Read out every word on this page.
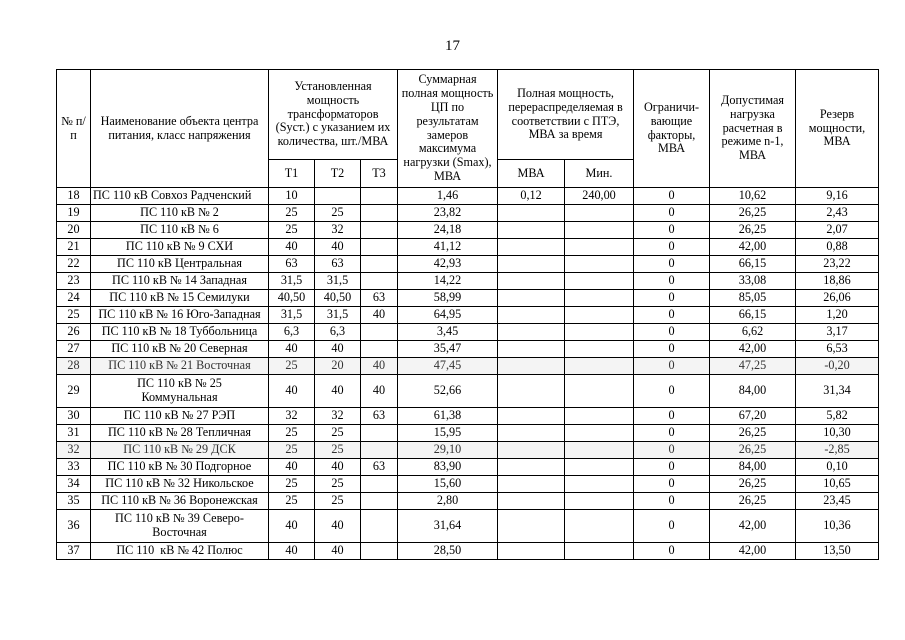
17
№ п/п	Наименование объекта центра питания, класс напряжения	Установленная мощность трансформаторов (Sуст.) с указанием их количества, шт./МВА			Суммарная полная мощность ЦП по результатам замеров максимума нагрузки (Smax), МВА	Полная мощность, перераспределяемая в соответствии с ПТЭ, МВА за время		Ограничи-вающие факторы, МВА	Допустимая нагрузка расчетная в режиме n-1, МВА	Резерв мощности, МВА
		Т1	Т2	Т3		МВА	Мин.			
18	ПС 110 кВ Совхоз Радченский	10			1,46	0,12	240,00	0	10,62	9,16
19	ПС 110 кВ № 2	25	25		23,82			0	26,25	2,43
20	ПС 110 кВ № 6	25	32		24,18			0	26,25	2,07
21	ПС 110 кВ № 9 СХИ	40	40		41,12			0	42,00	0,88
22	ПС 110 кВ Центральная	63	63		42,93			0	66,15	23,22
23	ПС 110 кВ № 14 Западная	31,5	31,5		14,22			0	33,08	18,86
24	ПС 110 кВ № 15 Семилуки	40,50	40,50	63	58,99			0	85,05	26,06
25	ПС 110 кВ № 16 Юго-Западная	31,5	31,5	40	64,95			0	66,15	1,20
26	ПС 110 кВ № 18 Туббольница	6,3	6,3		3,45			0	6,62	3,17
27	ПС 110 кВ № 20 Северная	40	40		35,47			0	42,00	6,53
28	ПС 110 кВ № 21 Восточная	25	20	40	47,45			0	47,25	-0,20
29	ПС 110 кВ № 25 Коммунальная	40	40	40	52,66			0	84,00	31,34
30	ПС 110 кВ № 27 РЭП	32	32	63	61,38			0	67,20	5,82
31	ПС 110 кВ № 28 Тепличная	25	25		15,95			0	26,25	10,30
32	ПС 110 кВ № 29 ДСК	25	25		29,10			0	26,25	-2,85
33	ПС 110 кВ № 30 Подгорное	40	40	63	83,90			0	84,00	0,10
34	ПС 110 кВ № 32 Никольское	25	25		15,60			0	26,25	10,65
35	ПС 110 кВ № 36 Воронежская	25	25		2,80			0	26,25	23,45
36	ПС 110 кВ № 39 Северо-Восточная	40	40		31,64			0	42,00	10,36
37	ПС 110  кВ № 42 Полюс	40	40		28,50			0	42,00	13,50
